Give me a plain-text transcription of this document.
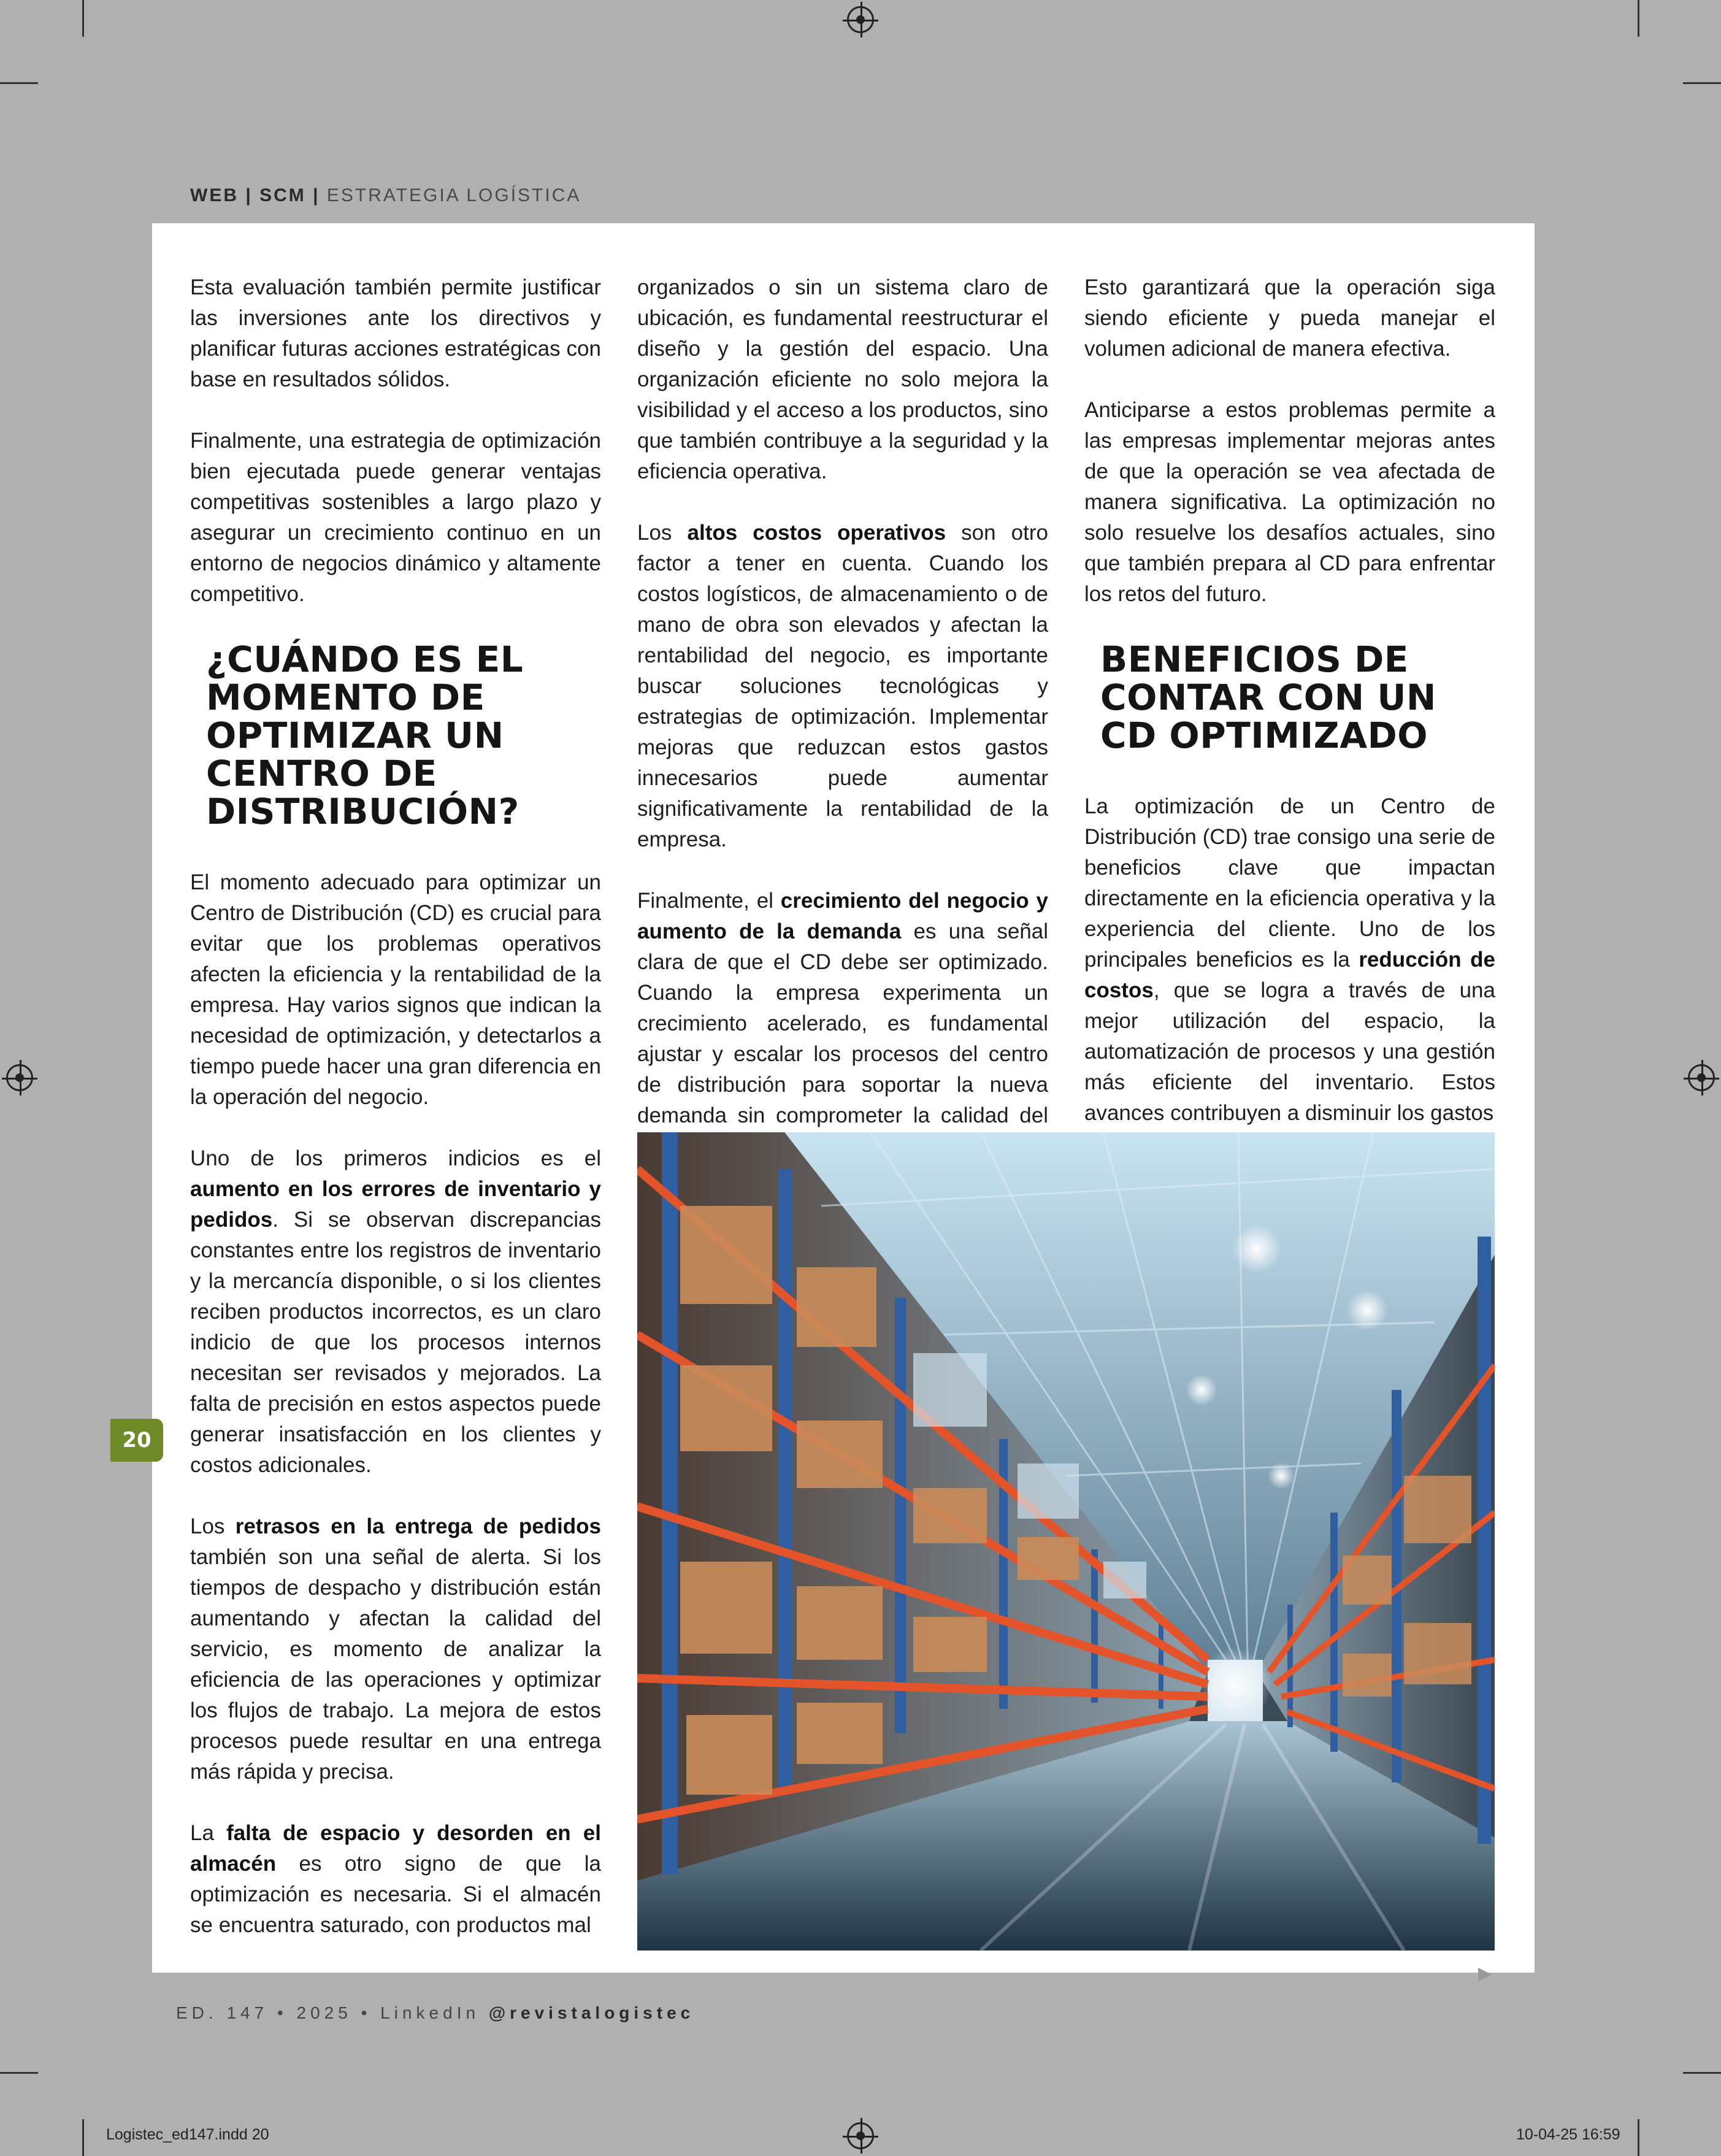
WEB | SCM | ESTRATEGIA LOGÍSTICA

Esta evaluación también permite justificar las inversiones ante los directivos y planificar futuras acciones estratégicas con base en resultados sólidos.

Finalmente, una estrategia de optimización bien ejecutada puede generar ventajas competitivas sostenibles a largo plazo y asegurar un crecimiento continuo en un entorno de negocios dinámico y altamente competitivo.

¿CUÁNDO ES EL MOMENTO DE OPTIMIZAR UN CENTRO DE DISTRIBUCIÓN?

El momento adecuado para optimizar un Centro de Distribución (CD) es crucial para evitar que los problemas operativos afecten la eficiencia y la rentabilidad de la empresa. Hay varios signos que indican la necesidad de optimización, y detectarlos a tiempo puede hacer una gran diferencia en la operación del negocio.

Uno de los primeros indicios es el aumento en los errores de inventario y pedidos. Si se observan discrepancias constantes entre los registros de inventario y la mercancía disponible, o si los clientes reciben productos incorrectos, es un claro indicio de que los procesos internos necesitan ser revisados y mejorados. La falta de precisión en estos aspectos puede generar insatisfacción en los clientes y costos adicionales.

Los retrasos en la entrega de pedidos también son una señal de alerta. Si los tiempos de despacho y distribución están aumentando y afectan la calidad del servicio, es momento de analizar la eficiencia de las operaciones y optimizar los flujos de trabajo. La mejora de estos procesos puede resultar en una entrega más rápida y precisa.

La falta de espacio y desorden en el almacén es otro signo de que la optimización es necesaria. Si el almacén se encuentra saturado, con productos mal

organizados o sin un sistema claro de ubicación, es fundamental reestructurar el diseño y la gestión del espacio. Una organización eficiente no solo mejora la visibilidad y el acceso a los productos, sino que también contribuye a la seguridad y la eficiencia operativa.

Los altos costos operativos son otro factor a tener en cuenta. Cuando los costos logísticos, de almacenamiento o de mano de obra son elevados y afectan la rentabilidad del negocio, es importante buscar soluciones tecnológicas y estrategias de optimización. Implementar mejoras que reduzcan estos gastos innecesarios puede aumentar significativamente la rentabilidad de la empresa.

Finalmente, el crecimiento del negocio y aumento de la demanda es una señal clara de que el CD debe ser optimizado. Cuando la empresa experimenta un crecimiento acelerado, es fundamental ajustar y escalar los procesos del centro de distribución para soportar la nueva demanda sin comprometer la calidad del

Esto garantizará que la operación siga siendo eficiente y pueda manejar el volumen adicional de manera efectiva.

Anticiparse a estos problemas permite a las empresas implementar mejoras antes de que la operación se vea afectada de manera significativa. La optimización no solo resuelve los desafíos actuales, sino que también prepara al CD para enfrentar los retos del futuro.

BENEFICIOS DE CONTAR CON UN CD OPTIMIZADO

La optimización de un Centro de Distribución (CD) trae consigo una serie de beneficios clave que impactan directamente en la eficiencia operativa y la experiencia del cliente. Uno de los principales beneficios es la reducción de costos, que se logra a través de una mejor utilización del espacio, la automatización de procesos y una gestión más eficiente del inventario. Estos avances contribuyen a disminuir los gastos

20
ED. 147 • 2025 • LinkedIn @revistalogistec
Logistec_ed147.indd 20	10-04-25 16:59
